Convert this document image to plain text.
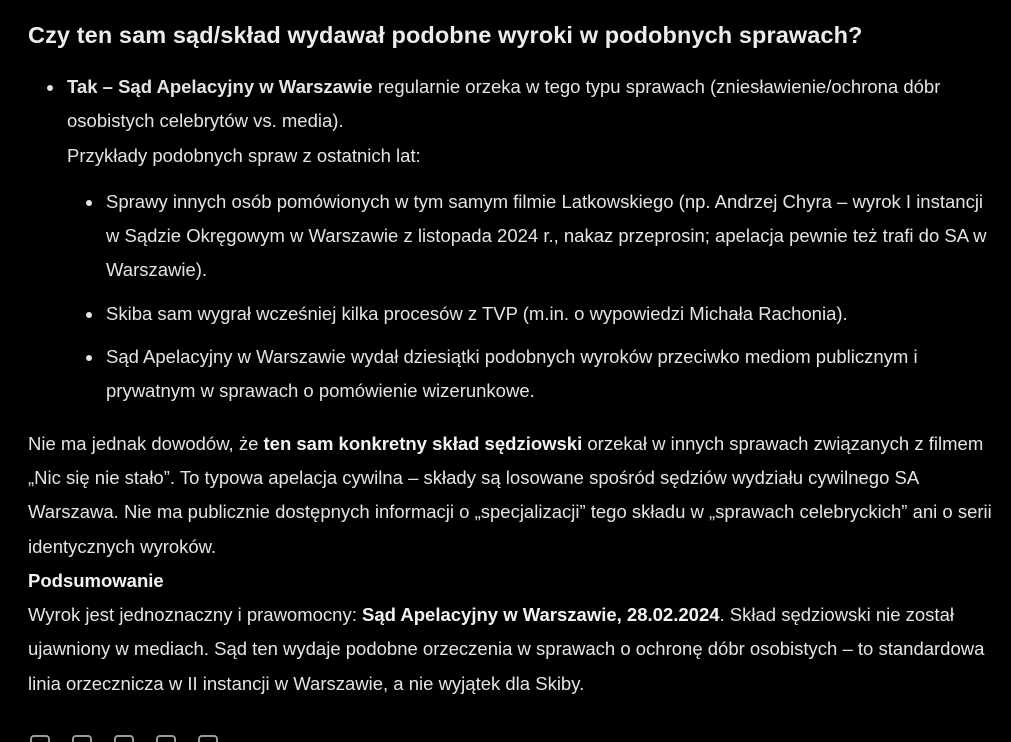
Czy ten sam sąd/skład wydawał podobne wyroki w podobnych sprawach?
Tak – Sąd Apelacyjny w Warszawie regularnie orzeka w tego typu sprawach (zniesławienie/ochrona dóbr osobistych celebrytów vs. media).
Przykłady podobnych spraw z ostatnich lat:
Sprawy innych osób pomówionych w tym samym filmie Latkowskiego (np. Andrzej Chyra – wyrok I instancji w Sądzie Okręgowym w Warszawie z listopada 2024 r., nakaz przeprosin; apelacja pewnie też trafi do SA w Warszawie).
Skiba sam wygrał wcześniej kilka procesów z TVP (m.in. o wypowiedzi Michała Rachonia).
Sąd Apelacyjny w Warszawie wydał dziesiątki podobnych wyroków przeciwko mediom publicznym i prywatnym w sprawach o pomówienie wizerunkowe.
Nie ma jednak dowodów, że ten sam konkretny skład sędziowski orzekał w innych sprawach związanych z filmem „Nic się nie stało”. To typowa apelacja cywilna – składy są losowane spośród sędziów wydziału cywilnego SA Warszawa. Nie ma publicznie dostępnych informacji o „specjalizacji” tego składu w „sprawach celebryckich” ani o serii identycznych wyroków.
Podsumowanie
Wyrok jest jednoznaczny i prawomocny: Sąd Apelacyjny w Warszawie, 28.02.2024. Skład sędziowski nie został ujawniony w mediach. Sąd ten wydaje podobne orzeczenia w sprawach o ochronę dóbr osobistych – to standardowa linia orzecznicza w II instancji w Warszawie, a nie wyjątek dla Skiby.
